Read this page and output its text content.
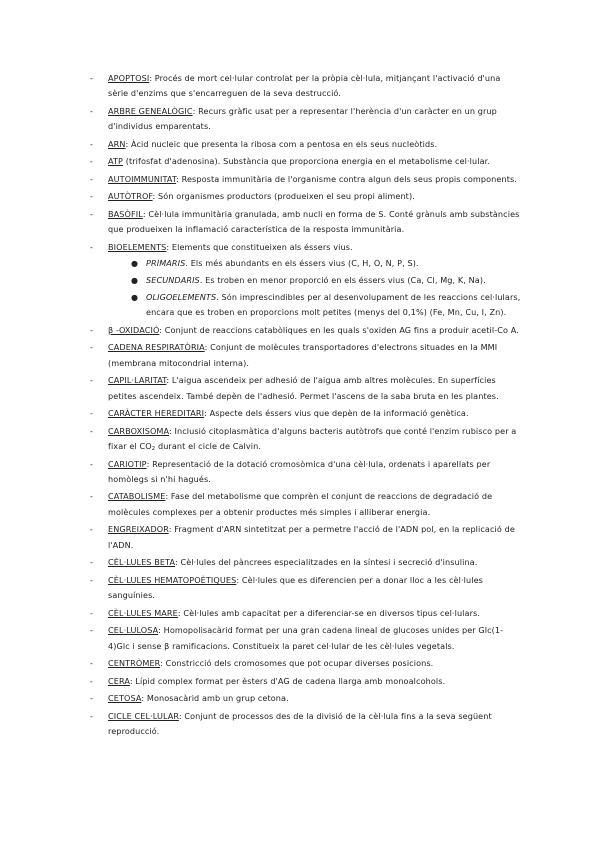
- APOPTOSI: Procés de mort cel·lular controlat per la pròpia cèl·lula, mitjançant l'activació d'una sèrie d'enzims que s'encarreguen de la seva destrucció.
- ARBRE GENEALÒGIC: Recurs gràfic usat per a representar l'herència d'un caràcter en un grup d'individus emparentats.
- ARN: Àcid nucleic que presenta la ribosa com a pentosa en els seus nucleòtids.
- ATP (trifosfat d'adenosina). Substància que proporciona energia en el metabolisme cel·lular.
- AUTOIMMUNITAT: Resposta immunitària de l'organisme contra algun dels seus propis components.
- AUTÒTROF: Són organismes productors (produeixen el seu propi aliment).
- BASÒFIL: Cèl·lula immunitària granulada, amb nucli en forma de S. Conté grànuls amb substàncies que produeixen la inflamació característica de la resposta immunitària.
- BIOELEMENTS: Elements que constitueixen als éssers vius.
● PRIMARIS. Els més abundants en els éssers vius (C, H, O, N, P, S).
● SECUNDARIS. Es troben en menor proporció en els éssers vius (Ca, Cl, Mg, K, Na).
● OLIGOELEMENTS. Són imprescindibles per al desenvolupament de les reaccions cel·lulars, encara que es troben en proporcions molt petites (menys del 0,1%) (Fe, Mn, Cu, I, Zn).
- β -OXIDACIÓ: Conjunt de reaccions catabòliques en les quals s'oxiden AG fins a produir acetil-Co A.
- CADENA RESPIRATÒRIA: Conjunt de molècules transportadores d'electrons situades en la MMI (membrana mitocondrial interna).
- CAPIL·LARITAT: L'aigua ascendeix per adhesió de l'aigua amb altres molècules. En superfícies petites ascendeix. També depèn de l'adhesió. Permet l'ascens de la saba bruta en les plantes.
- CARÀCTER HEREDITARI: Aspecte dels éssers vius que depèn de la informació genètica.
- CARBOXISOMA: Inclusió citoplasmàtica d'alguns bacteris autòtrofs que conté l'enzim rubisco per a fixar el $CO_2$ durant el cicle de Calvin.
- CARIOTIP: Representació de la dotació cromosòmica d'una cèl·lula, ordenats i aparellats per homòlegs si n'hi hagués.
- CATABOLISME: Fase del metabolisme que comprèn el conjunt de reaccions de degradació de molècules complexes per a obtenir productes més simples i alliberar energia.
- ENGREIXADOR: Fragment d'ARN sintetitzat per a permetre l'acció de l'ADN pol, en la replicació de l'ADN.
- CÈL·LULES BETA: Cèl·lules del pàncrees especialitzades en la síntesi i secreció d'insulina.
- CÈL·LULES HEMATOPOÈTIQUES: Cèl·lules que es diferencien per a donar lloc a les cèl·lules sanguínies.
- CÈL·LULES MARE: Cèl·lules amb capacitat per a diferenciar-se en diversos tipus cel·lulars.
- CEL·LULOSA: Homopolisacàrid format per una gran cadena lineal de glucoses unides per Glc(1-4)Glc i sense β ramificacions. Constitueix la paret cel·lular de les cèl·lules vegetals.
- CENTRÒMER: Constricció dels cromosomes que pot ocupar diverses posicions.
- CERA: Lípid complex format per èsters d'AG de cadena llarga amb monoalcohols.
- CETOSA: Monosacàrid amb un grup cetona.
- CICLE CEL·LULAR: Conjunt de processos des de la divisió de la cèl·lula fins a la seva següent reproducció.
